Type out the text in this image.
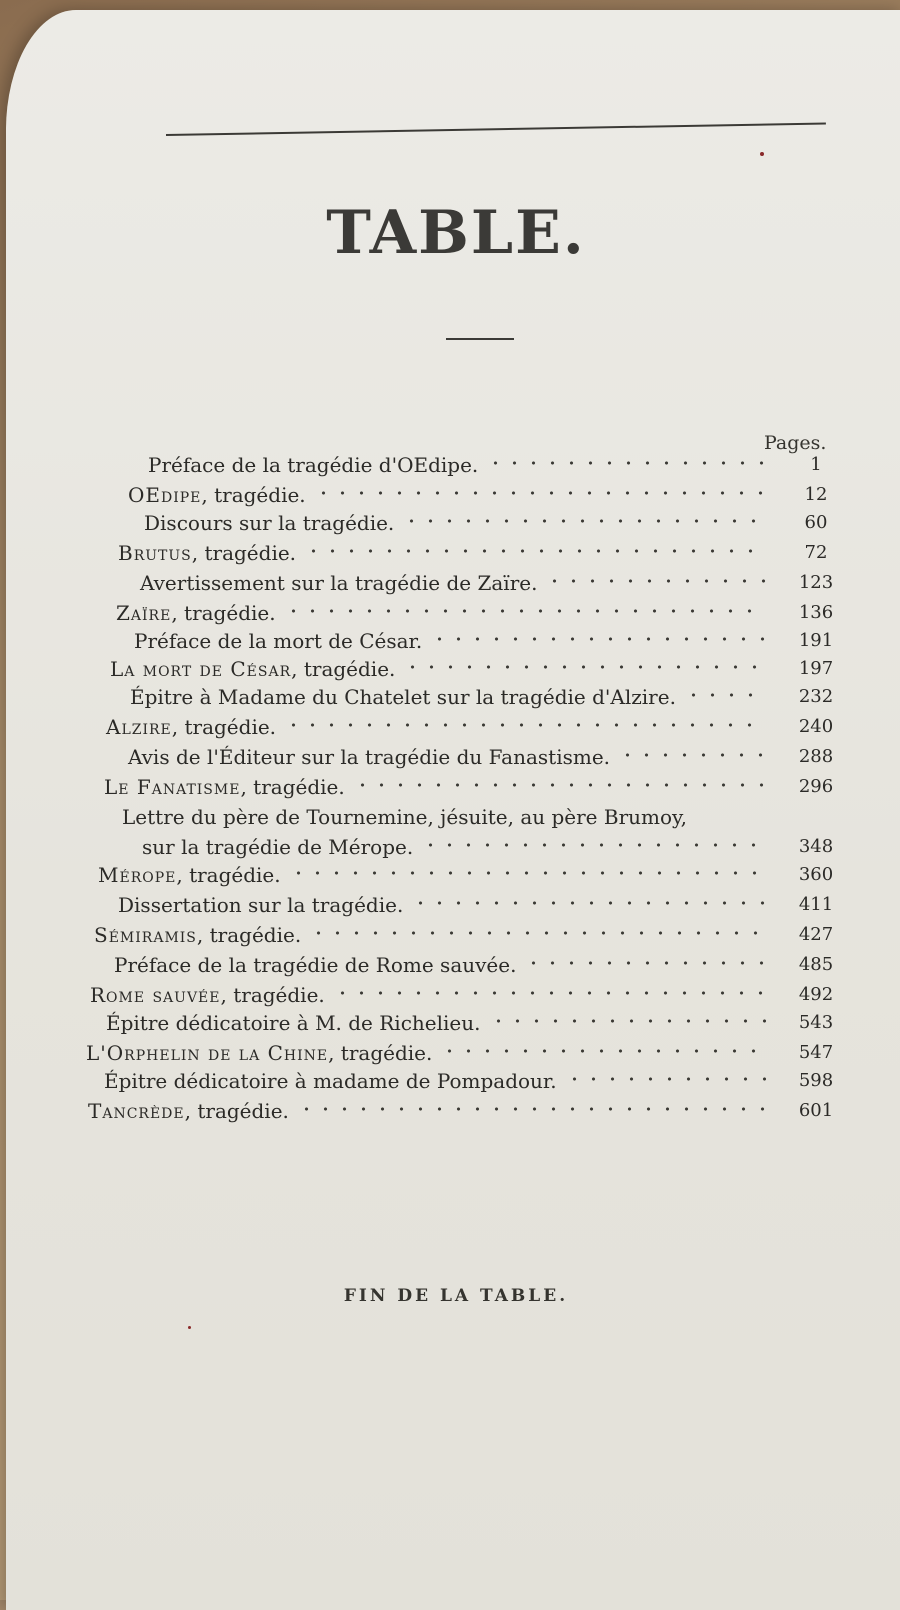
TABLE.
Pages.
Préface de la tragédie d'OEdipe.	1
OEdipe, tragédie.	12
Discours sur la tragédie.	60
Brutus, tragédie.	72
Avertissement sur la tragédie de Zaïre.	123
Zaïre, tragédie.	136
Préface de la mort de César.	191
La mort de César, tragédie.	197
Épitre à Madame du Chatelet sur la tragédie d'Alzire.	232
Alzire, tragédie.	240
Avis de l'Éditeur sur la tragédie du Fanastisme.	288
Le Fanatisme, tragédie.	296
Lettre du père de Tournemine, jésuite, au père Brumoy,
sur la tragédie de Mérope.	348
Mérope, tragédie.	360
Dissertation sur la tragédie.	411
Sémiramis, tragédie.	427
Préface de la tragédie de Rome sauvée.	485
Rome sauvée, tragédie.	492
Épitre dédicatoire à M. de Richelieu.	543
L'Orphelin de la Chine, tragédie.	547
Épitre dédicatoire à madame de Pompadour.	598
Tancrède, tragédie.	601

FIN DE LA TABLE.
